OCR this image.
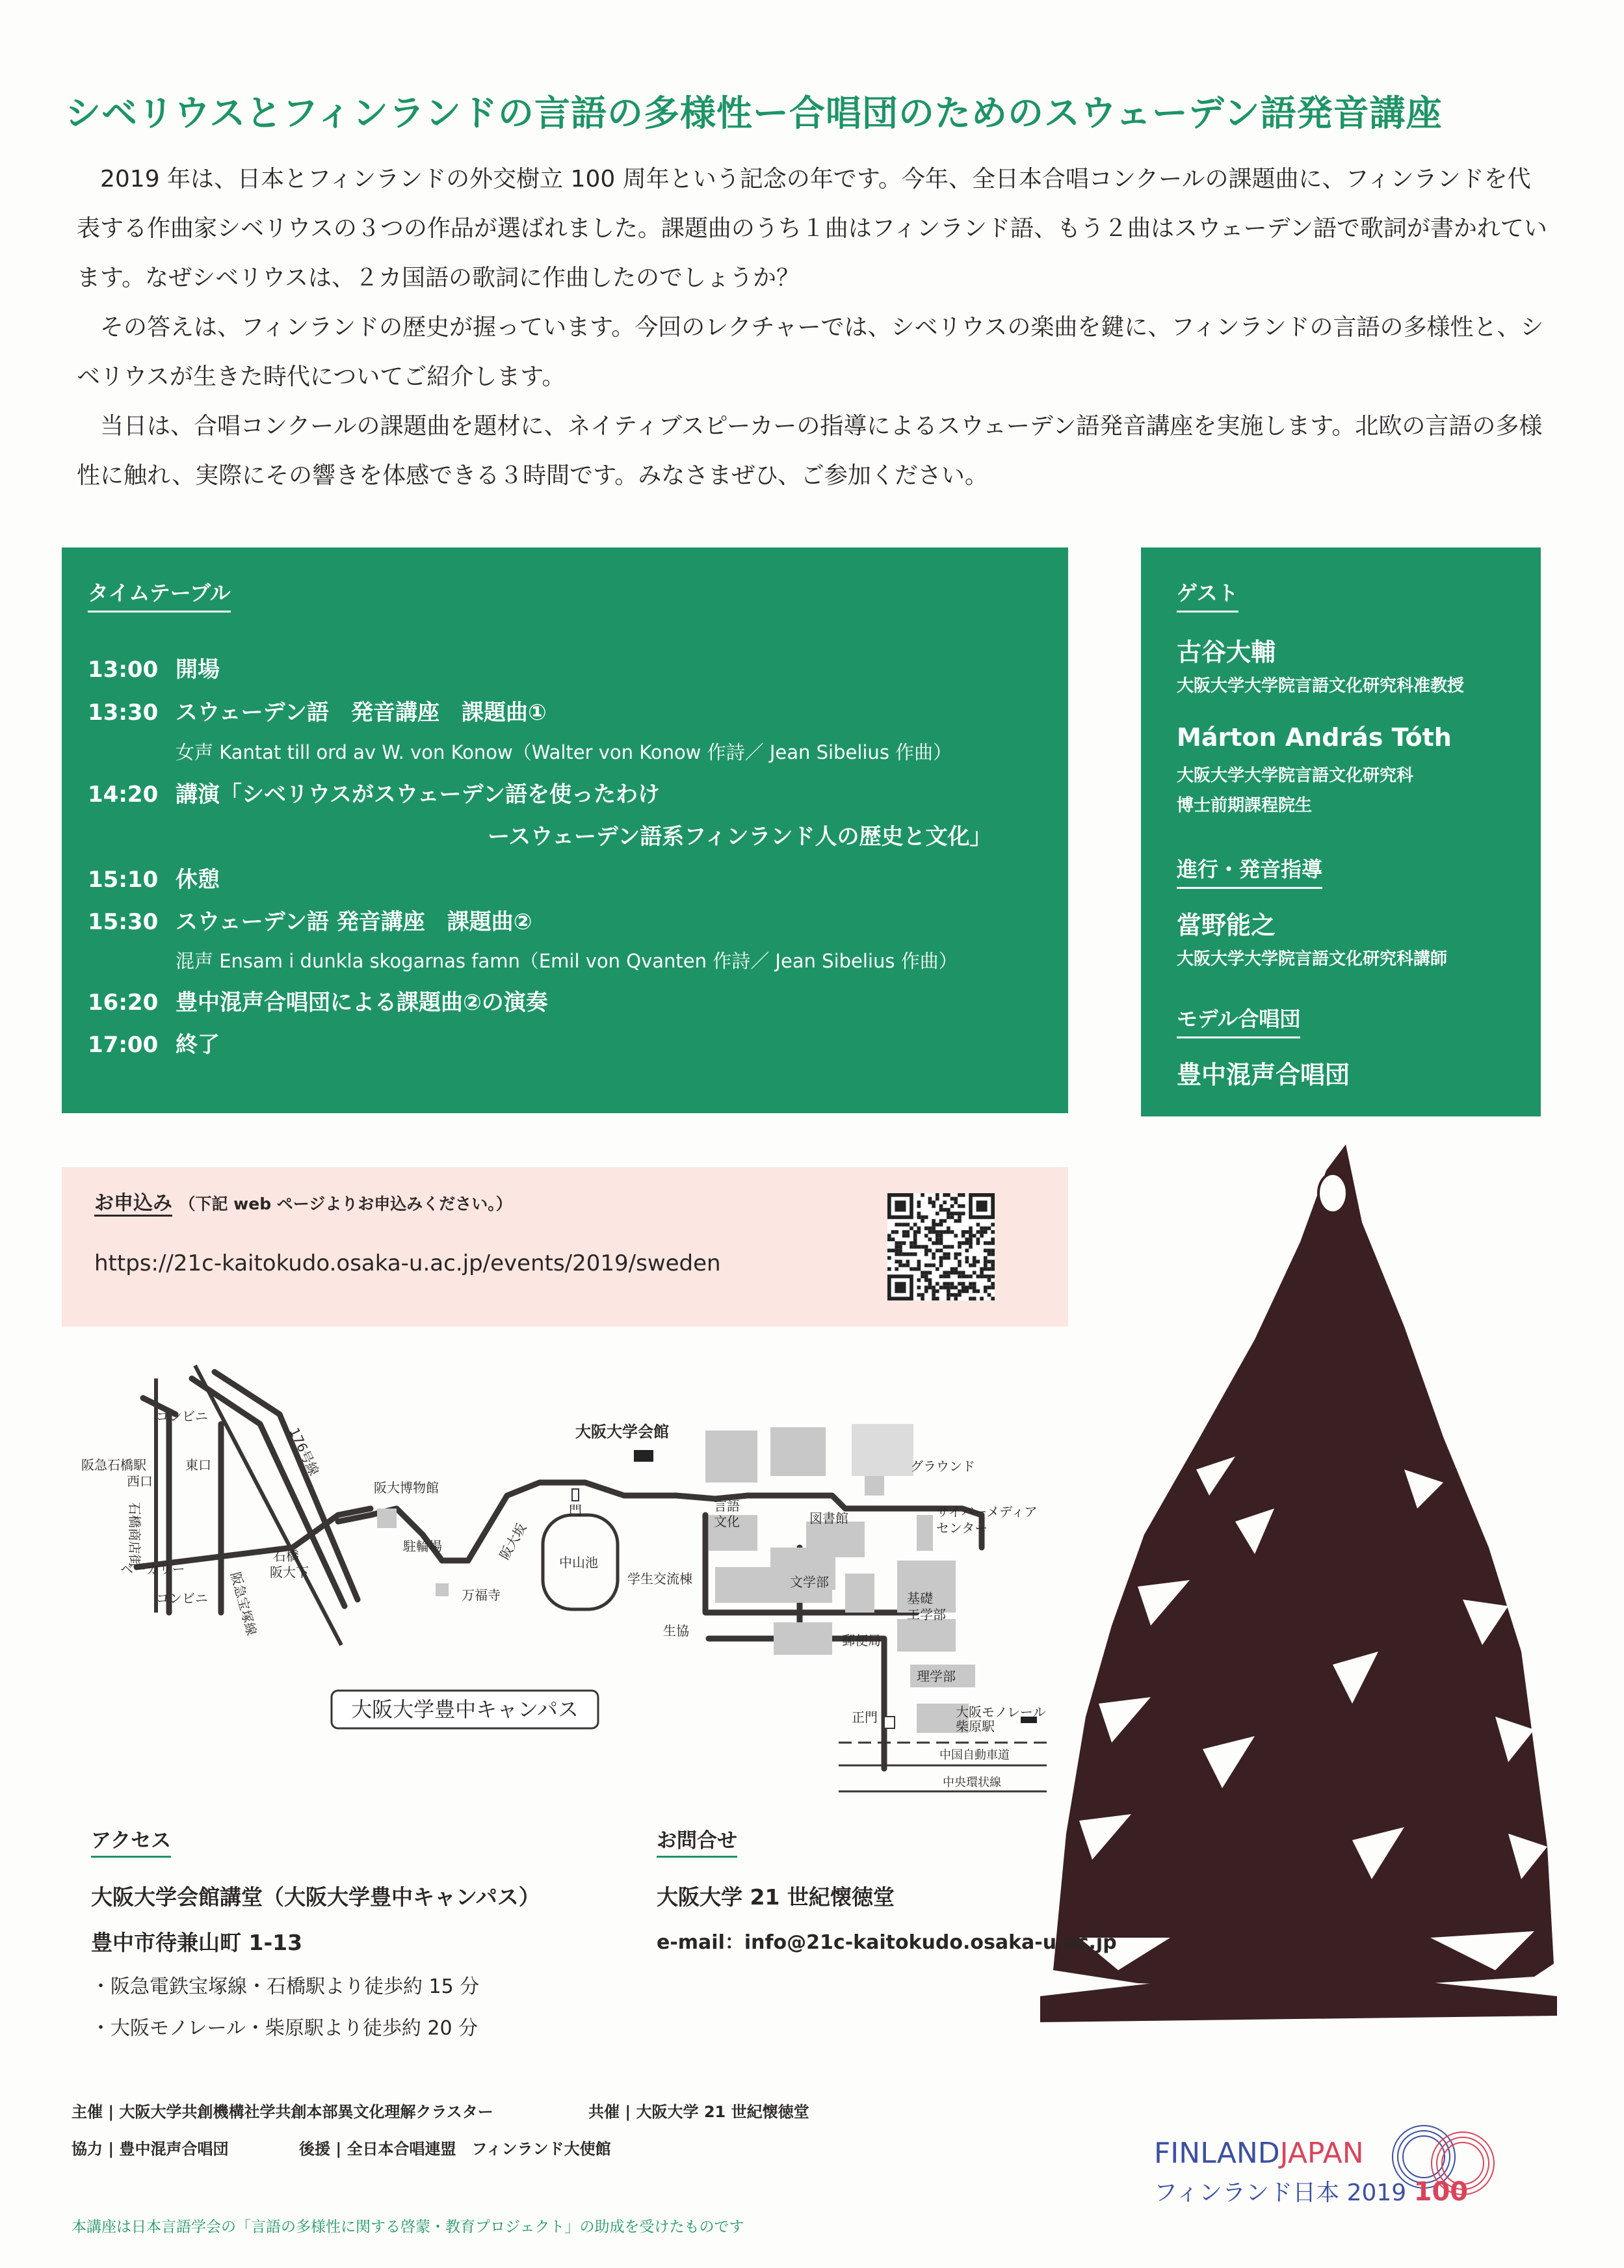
シベリウスとフィンランドの言語の多様性ー合唱団のためのスウェーデン語発音講座

2019 年は、日本とフィンランドの外交樹立 100 周年という記念の年です。今年、全日本合唱コンクールの課題曲に、フィンランドを代表する作曲家シベリウスの３つの作品が選ばれました。課題曲のうち１曲はフィンランド語、もう２曲はスウェーデン語で歌詞が書かれています。なぜシベリウスは、２カ国語の歌詞に作曲したのでしょうか？

その答えは、フィンランドの歴史が握っています。今回のレクチャーでは、シベリウスの楽曲を鍵に、フィンランドの言語の多様性と、シベリウスが生きた時代についてご紹介します。

当日は、合唱コンクールの課題曲を題材に、ネイティブスピーカーの指導によるスウェーデン語発音講座を実施します。北欧の言語の多様性に触れ、実際にその響きを体感できる３時間です。みなさまぜひ、ご参加ください。

タイムテーブル
13:00 開場
13:30 スウェーデン語　発音講座　課題曲①
女声 Kantat till ord av W. von Konow（Walter von Konow 作詩／ Jean Sibelius 作曲）
14:20 講演「シベリウスがスウェーデン語を使ったわけ
ースウェーデン語系フィンランド人の歴史と文化」
15:10 休憩
15:30 スウェーデン語 発音講座　課題曲②
混声 Ensam i dunkla skogarnas famn（Emil von Qvanten 作詩／ Jean Sibelius 作曲）
16:20 豊中混声合唱団による課題曲②の演奏
17:00 終了
ゲスト
古谷大輔
大阪大学大学院言語文化研究科准教授
Márton András Tóth
大阪大学大学院言語文化研究科
博士前期課程院生
進行・発音指導
當野能之
大阪大学大学院言語文化研究科講師
モデル合唱団
豊中混声合唱団
お申込み （下記 web ページよりお申込みください。）
https://21c-kaitokudo.osaka-u.ac.jp/events/2019/sweden
コンビニ
阪急石橋駅
西口
東口
石橋商店街
176号線
ベーカリー
コンビニ 阪急宝塚線
石橋
阪大下
阪大博物館
駐輪場
万福寺
中山池
阪大坂
門
グラウンド
言語
文化	図書館	サイバーメディア
センター
学生交流棟	文学部
基礎
工学部
生協
郵便局
理学部
正門	大阪モノレール
柴原駅
中国自動車道
中央環状線
大阪大学会館
大阪大学豊中キャンパス
アクセス
大阪大学会館講堂（大阪大学豊中キャンパス）
豊中市待兼山町 1-13
・阪急電鉄宝塚線・石橋駅より徒歩約 15 分
・大阪モノレール・柴原駅より徒歩約 20 分
お問合せ
大阪大学 21 世紀懐徳堂
e-mail：info@21c-kaitokudo.osaka-u.ac.jp
主催 | 大阪大学共創機構社学共創本部異文化理解クラスター	共催 | 大阪大学 21 世紀懐徳堂
協力 | 豊中混声合唱団	後援 | 全日本合唱連盟　フィンランド大使館
本講座は日本言語学会の「言語の多様性に関する啓蒙・教育プロジェクト」の助成を受けたものです
FINLANDJAPAN
フィンランド日本 2019 100
